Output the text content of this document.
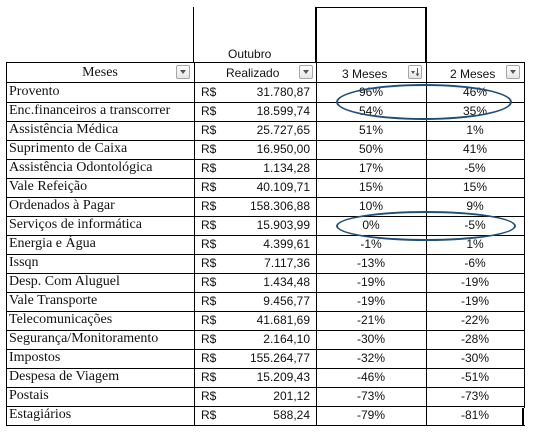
Outubro
Meses	Realizado	3 Meses	2 Meses
Provento	R$	31.780,87	96%	46%
Enc.financeiros a transcorrer	R$	18.599,74	54%	35%
Assistência Médica	R$	25.727,65	51%	1%
Suprimento de Caixa	R$	16.950,00	50%	41%
Assistência Odontológica	R$	1.134,28	17%	-5%
Vale Refeição	R$	40.109,71	15%	15%
Ordenados à Pagar	R$	158.306,88	10%	9%
Serviços de informática	R$	15.903,99	0%	-5%
Energia e Água	R$	4.399,61	-1%	1%
Issqn	R$	7.117,36	-13%	-6%
Desp. Com Aluguel	R$	1.434,48	-19%	-19%
Vale Transporte	R$	9.456,77	-19%	-19%
Telecomunicações	R$	41.681,69	-21%	-22%
Segurança/Monitoramento	R$	2.164,10	-30%	-28%
Impostos	R$	155.264,77	-32%	-30%
Despesa de Viagem	R$	15.209,43	-46%	-51%
Postais	R$	201,12	-73%	-73%
Estagiários	R$	588,24	-79%	-81%
